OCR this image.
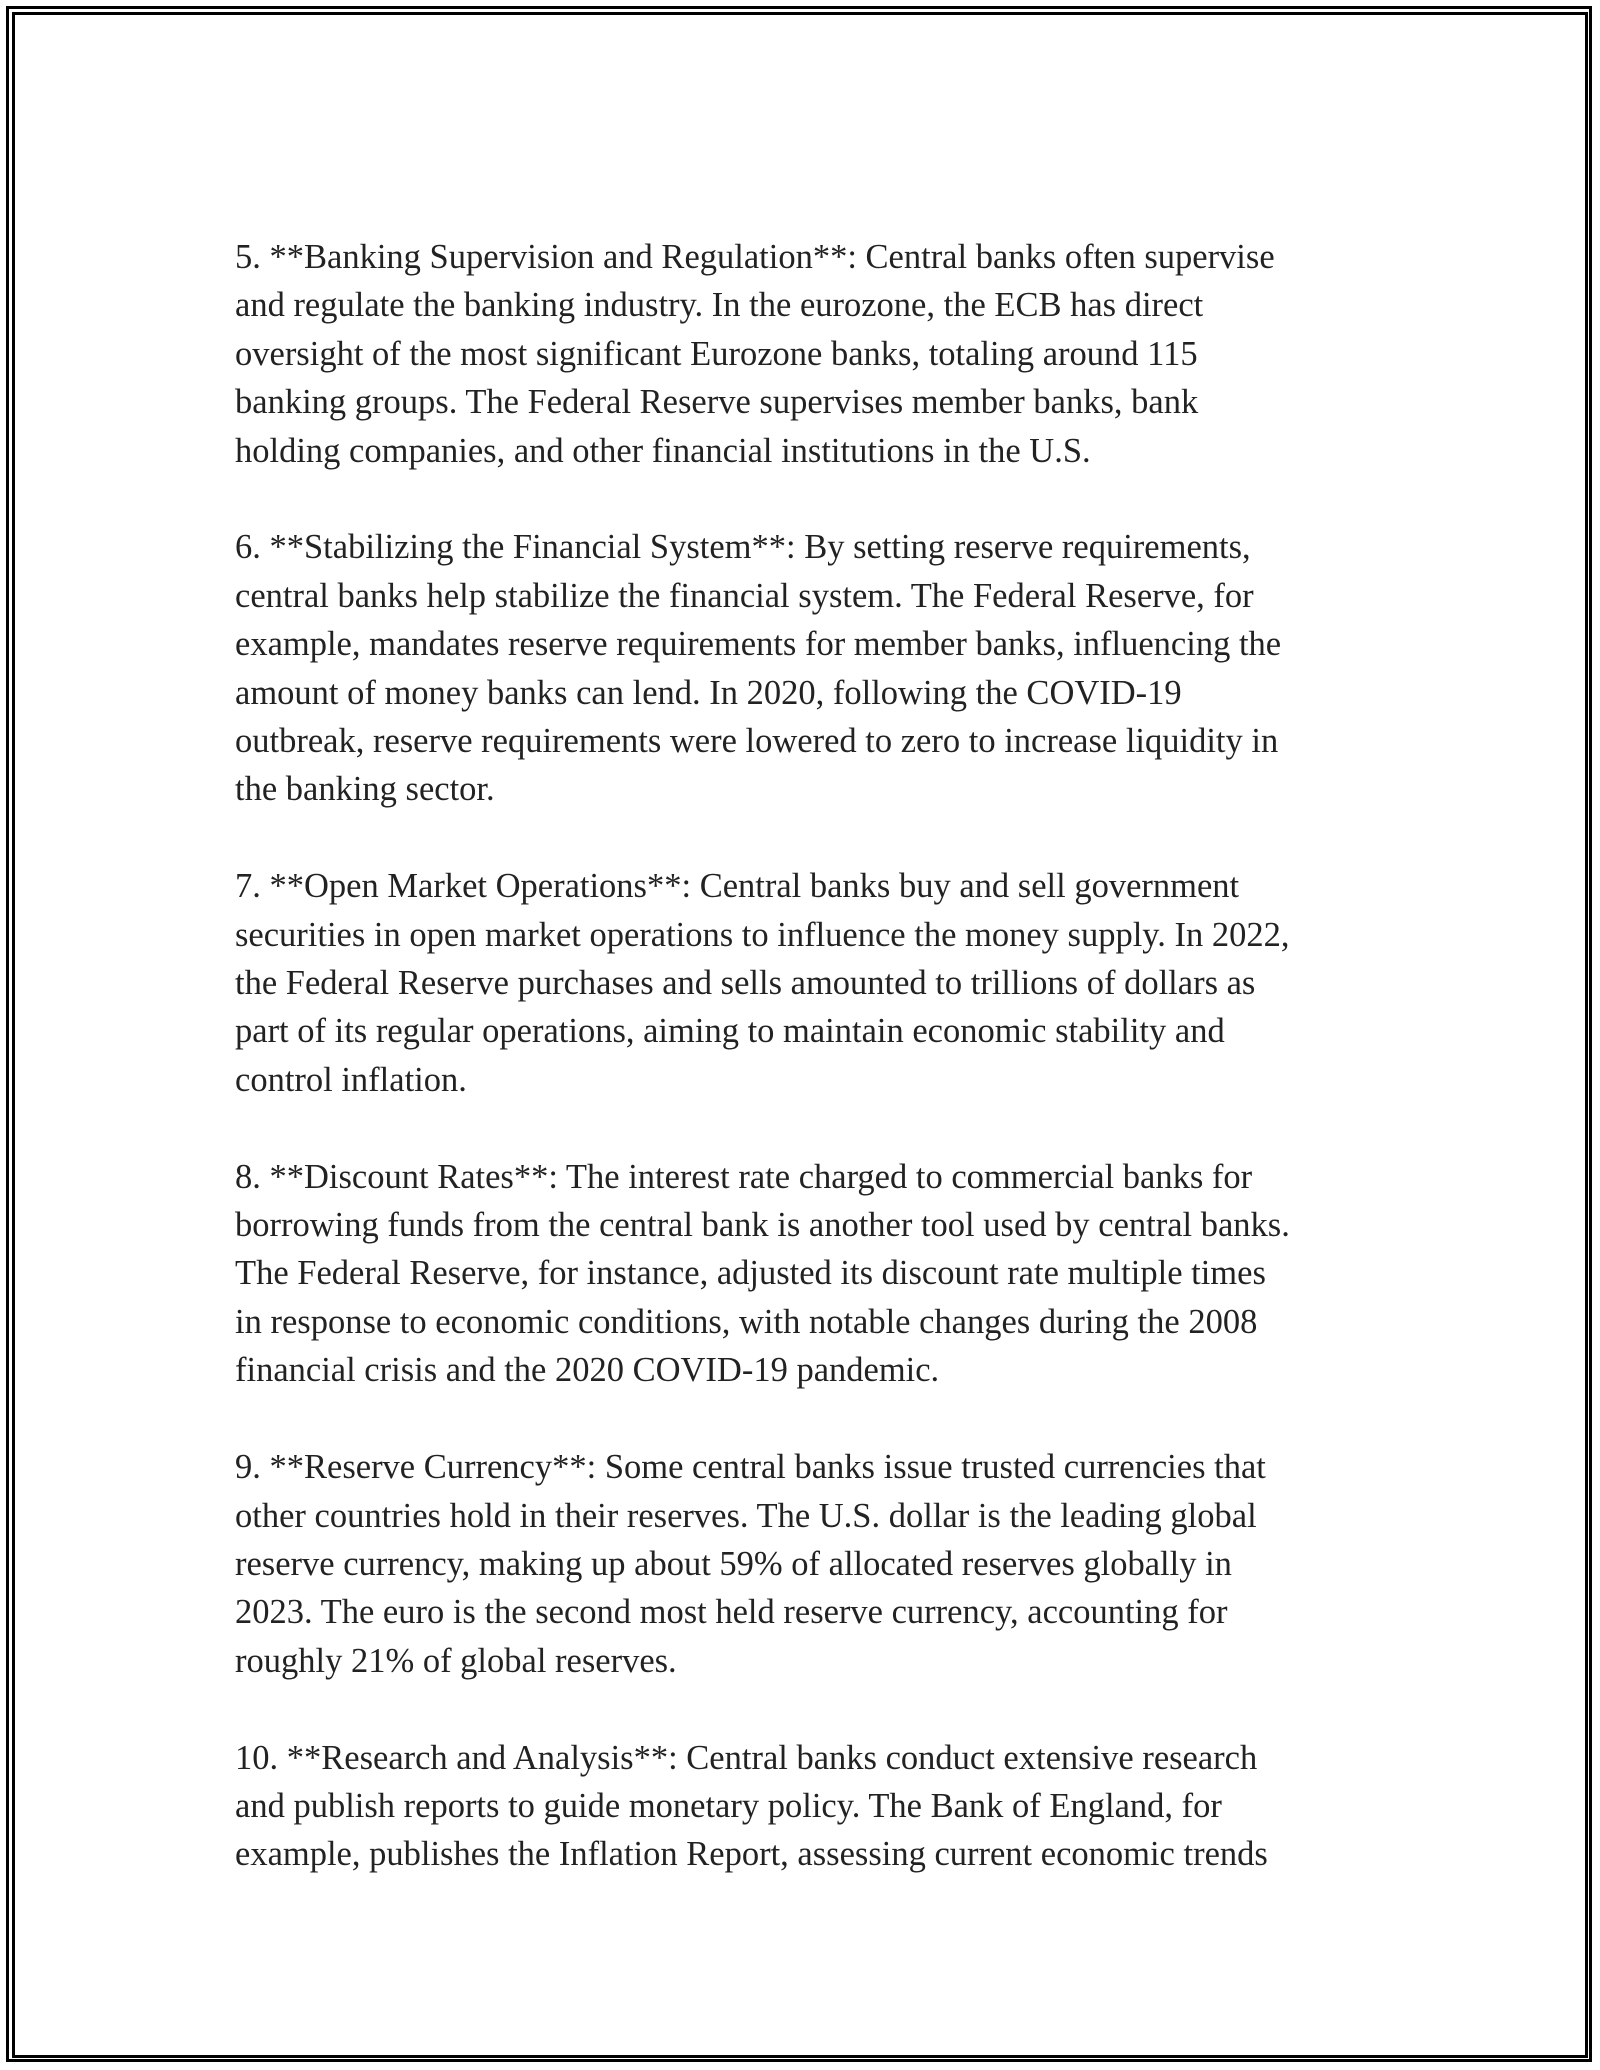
5. **Banking Supervision and Regulation**: Central banks often supervise
and regulate the banking industry. In the eurozone, the ECB has direct
oversight of the most significant Eurozone banks, totaling around 115
banking groups. The Federal Reserve supervises member banks, bank
holding companies, and other financial institutions in the U.S.

6. **Stabilizing the Financial System**: By setting reserve requirements,
central banks help stabilize the financial system. The Federal Reserve, for
example, mandates reserve requirements for member banks, influencing the
amount of money banks can lend. In 2020, following the COVID-19
outbreak, reserve requirements were lowered to zero to increase liquidity in
the banking sector.

7. **Open Market Operations**: Central banks buy and sell government
securities in open market operations to influence the money supply. In 2022,
the Federal Reserve purchases and sells amounted to trillions of dollars as
part of its regular operations, aiming to maintain economic stability and
control inflation.

8. **Discount Rates**: The interest rate charged to commercial banks for
borrowing funds from the central bank is another tool used by central banks.
The Federal Reserve, for instance, adjusted its discount rate multiple times
in response to economic conditions, with notable changes during the 2008
financial crisis and the 2020 COVID-19 pandemic.

9. **Reserve Currency**: Some central banks issue trusted currencies that
other countries hold in their reserves. The U.S. dollar is the leading global
reserve currency, making up about 59% of allocated reserves globally in
2023. The euro is the second most held reserve currency, accounting for
roughly 21% of global reserves.

10. **Research and Analysis**: Central banks conduct extensive research
and publish reports to guide monetary policy. The Bank of England, for
example, publishes the Inflation Report, assessing current economic trends
